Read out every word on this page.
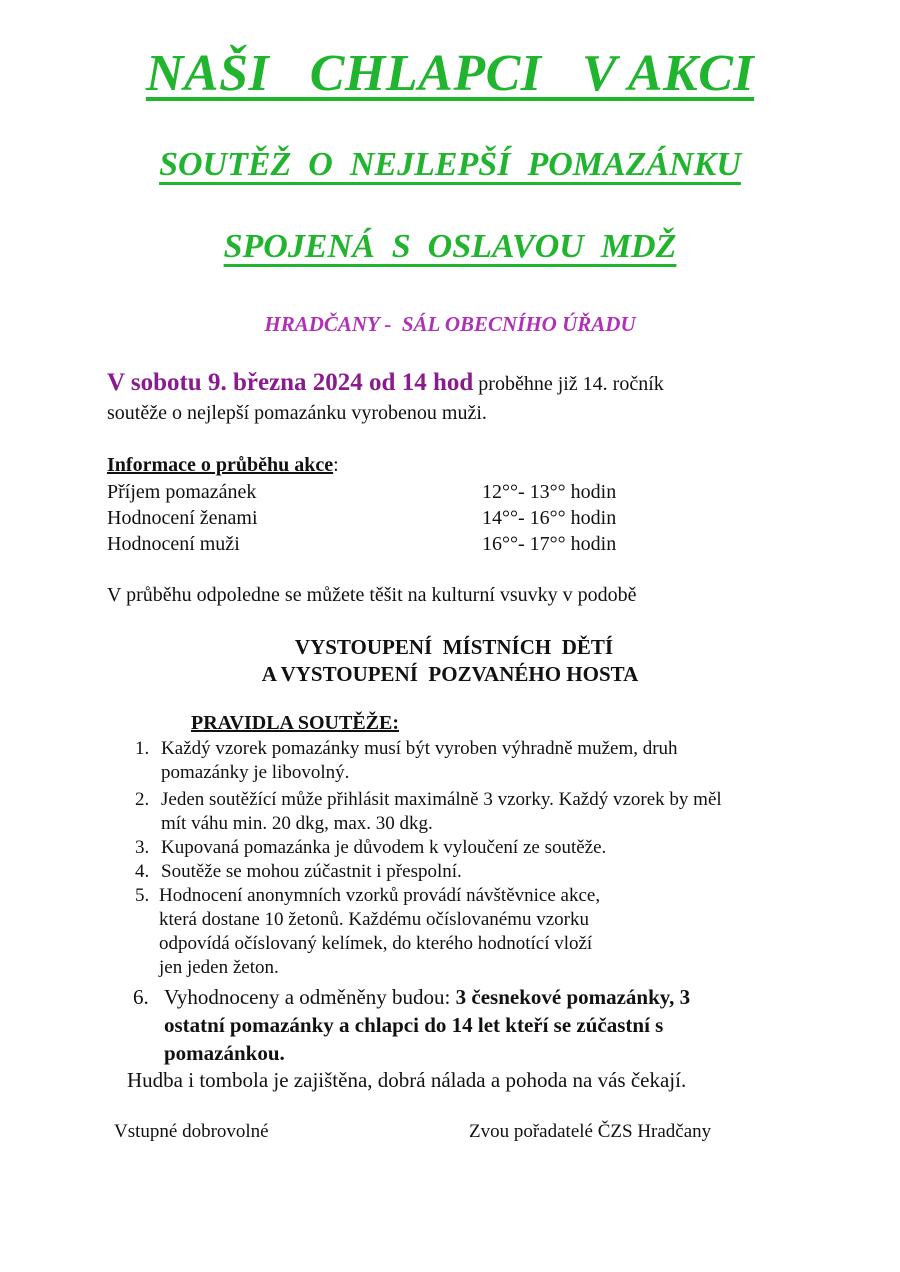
NAŠI   CHLAPCI   V AKCI
SOUTĚŽ  O  NEJLEPŠÍ  POMAZÁNKU
SPOJENÁ  S  OSLAVOU  MDŽ

HRADČANY -  SÁL OBECNÍHO ÚŘADU

V sobotu 9. března 2024 od 14 hod proběhne již 14. ročník

soutěže o nejlepší pomazánku vyrobenou muži.

Informace o průběhu akce:

Příjem pomazánek	12°°- 13°° hodin
Hodnocení ženami	14°°- 16°° hodin
Hodnocení muži	16°°- 17°° hodin

V průběhu odpoledne se můžete těšit na kulturní vsuvky v podobě

VYSTOUPENÍ  MÍSTNÍCH  DĚTÍ

A VYSTOUPENÍ  POZVANÉHO HOSTA

PRAVIDLA SOUTĚŽE:

1. Každý vzorek pomazánky musí být vyroben výhradně mužem, druh
pomazánky je libovolný.
2. Jeden soutěžící může přihlásit maximálně 3 vzorky. Každý vzorek by měl
mít váhu min. 20 dkg, max. 30 dkg.
3. Kupovaná pomazánka je důvodem k vyloučení ze soutěže.
4. Soutěže se mohou zúčastnit i přespolní.
5. Hodnocení anonymních vzorků provádí návštěvnice akce,
která dostane 10 žetonů. Každému očíslovanému vzorku
odpovídá očíslovaný kelímek, do kterého hodnotící vloží
jen jeden žeton.
6. Vyhodnoceny a odměněny budou: 3 česnekové pomazánky, 3
ostatní pomazánky a chlapci do 14 let kteří se zúčastní s
pomazánkou.

Hudba i tombola je zajištěna, dobrá nálada a pohoda na vás čekají.

Vstupné dobrovolné	Zvou pořadatelé ČZS Hradčany
